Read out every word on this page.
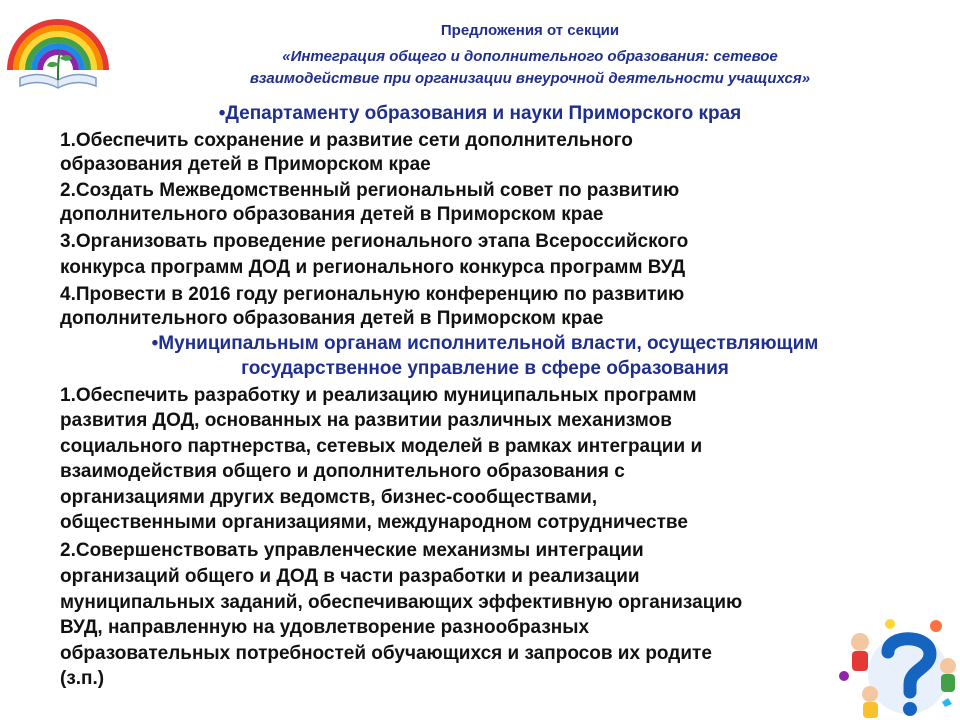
Предложения от секции
«Интеграция общего и дополнительного образования: сетевое
взаимодействие при организации внеурочной деятельности учащихся»
•Департаменту образования и науки Приморского края
1.Обеспечить сохранение и развитие сети дополнительного
образования детей в Приморском крае
2.Создать Межведомственный региональный совет по развитию
дополнительного образования детей в Приморском крае
3.Организовать проведение регионального этапа Всероссийского
конкурса программ ДОД и регионального конкурса программ ВУД
4.Провести в 2016 году региональную конференцию по развитию
дополнительного образования детей в Приморском крае
•Муниципальным органам исполнительной власти, осуществляющим
государственное управление в сфере образования
1.Обеспечить разработку и реализацию муниципальных программ
развития ДОД, основанных на развитии различных механизмов
социального партнерства, сетевых моделей в рамках интеграции и
взаимодействия общего и дополнительного образования с
организациями других ведомств, бизнес-сообществами,
общественными организациями, международном сотрудничестве
2.Совершенствовать управленческие механизмы интеграции
организаций общего и ДОД в части разработки и реализации
муниципальных заданий, обеспечивающих эффективную организацию
ВУД, направленную на удовлетворение разнообразных
образовательных потребностей обучающихся и запросов их родите
(з.п.)
